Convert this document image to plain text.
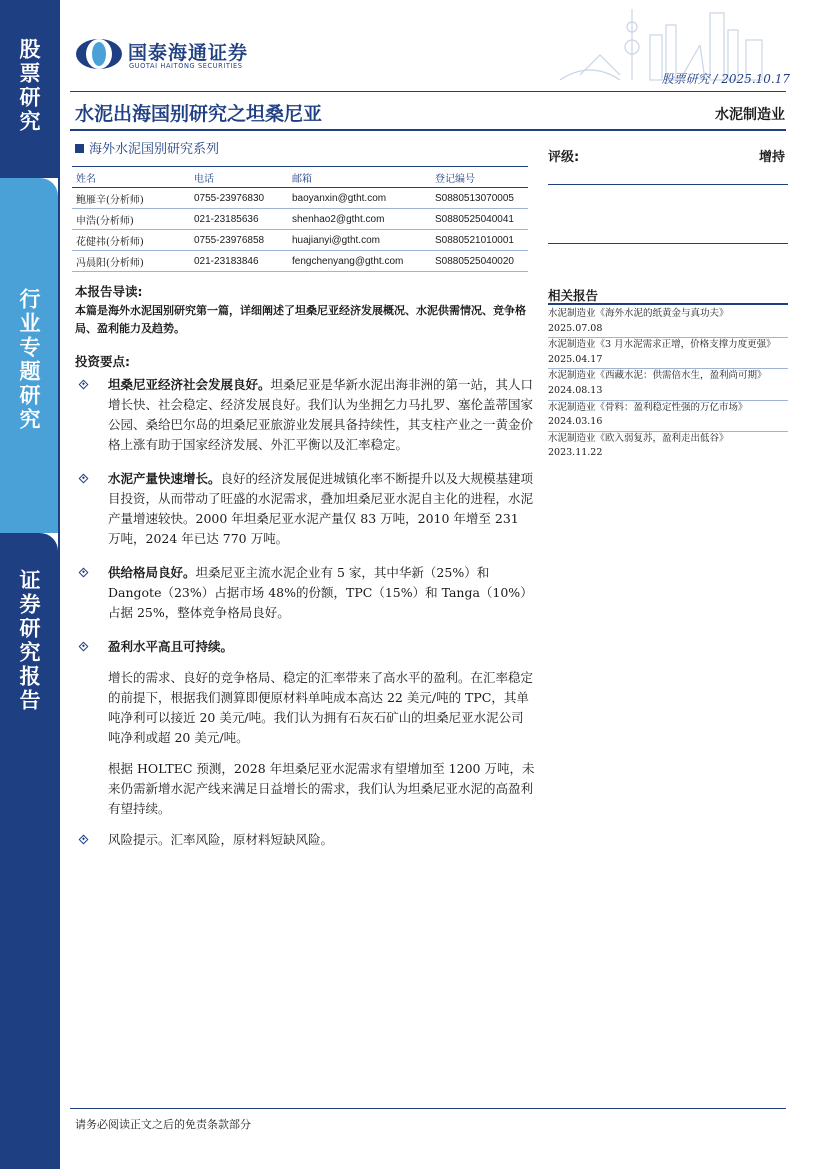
股票研究
行业专题研究
证券研究报告
国泰海通证券
GUOTAI HAITONG SECURITIES
股票研究 / 2025.10.17
水泥出海国别研究之坦桑尼亚	水泥制造业
海外水泥国别研究系列
评级:	增持
姓名	电话	邮箱	登记编号
鲍雁辛(分析师)	0755-23976830	baoyanxin@gtht.com	S0880513070005
申浩(分析师)	021-23185636	shenhao2@gtht.com	S0880525040041
花健祎(分析师)	0755-23976858	huajianyi@gtht.com	S0880521010001
冯晨阳(分析师)	021-23183846	fengchenyang@gtht.com	S0880525040020
本报告导读:
本篇是海外水泥国别研究第一篇，详细阐述了坦桑尼亚经济发展概况、水泥供需情况、竞争格局、盈利能力及趋势。
投资要点:
坦桑尼亚经济社会发展良好。坦桑尼亚是华新水泥出海非洲的第一站，其人口增长快、社会稳定、经济发展良好。我们认为坐拥乞力马扎罗、塞伦盖蒂国家公园、桑给巴尔岛的坦桑尼亚旅游业发展具备持续性，其支柱产业之一黄金价格上涨有助于国家经济发展、外汇平衡以及汇率稳定。
水泥产量快速增长。良好的经济发展促进城镇化率不断提升以及大规模基建项目投资，从而带动了旺盛的水泥需求，叠加坦桑尼亚水泥自主化的进程，水泥产量增速较快。2000 年坦桑尼亚水泥产量仅 83 万吨，2010 年增至 231 万吨，2024 年已达 770 万吨。
供给格局良好。坦桑尼亚主流水泥企业有 5 家，其中华新（25%）和 Dangote（23%）占据市场 48%的份额，TPC（15%）和 Tanga（10%）占据 25%，整体竞争格局良好。
盈利水平高且可持续。
增长的需求、良好的竞争格局、稳定的汇率带来了高水平的盈利。在汇率稳定的前提下，根据我们测算即便原材料单吨成本高达 22 美元/吨的 TPC，其单吨净利可以接近 20 美元/吨。我们认为拥有石灰石矿山的坦桑尼亚水泥公司吨净利或超 20 美元/吨。
根据 HOLTEC 预测，2028 年坦桑尼亚水泥需求有望增加至 1200 万吨，未来仍需新增水泥产线来满足日益增长的需求，我们认为坦桑尼亚水泥的高盈利有望持续。
风险提示。汇率风险，原材料短缺风险。
相关报告
水泥制造业《海外水泥的纸黄金与真功夫》
2025.07.08
水泥制造业《3 月水泥需求正增，价格支撑力度更强》
2025.04.17
水泥制造业《西藏水泥：供需倍水生，盈利尚可期》
2024.08.13
水泥制造业《骨料：盈利稳定性强的万亿市场》
2024.03.16
水泥制造业《欧入弱复苏，盈利走出低谷》
2023.11.22
请务必阅读正文之后的免责条款部分
